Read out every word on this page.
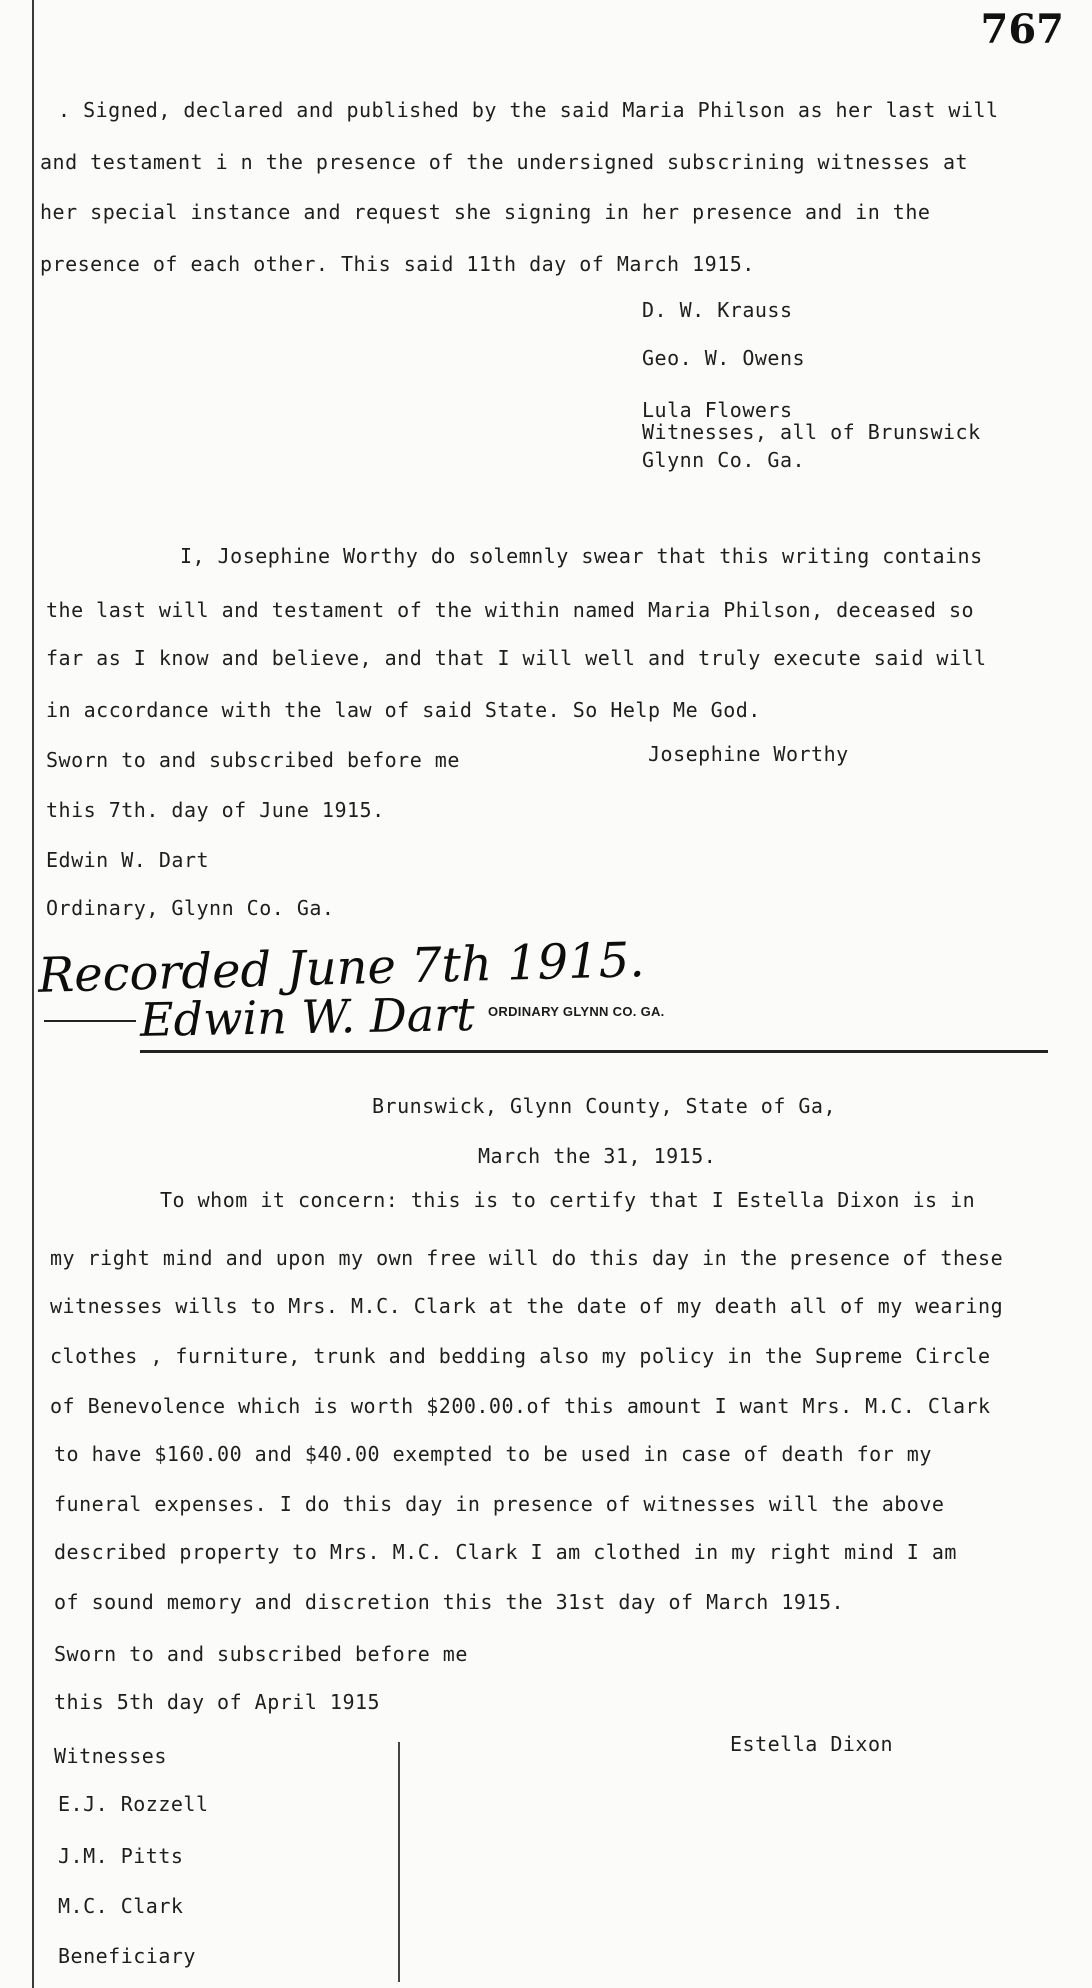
767
. Signed, declared and published by the said Maria Philson as her last will
and testament i n the presence of the undersigned subscrining witnesses at
her special instance and request she signing in her presence and in the
presence of each other. This said 11th day of March 1915.
D. W. Krauss
Geo. W. Owens
Lula Flowers
Witnesses, all of Brunswick
Glynn Co. Ga.
I, Josephine Worthy do solemnly swear that this writing contains
the last will and testament of the within named Maria Philson, deceased so
far as I know and believe, and that I will well and truly execute said will
in accordance with the law of said State. So Help Me God.
Sworn to and subscribed before me	Josephine Worthy
this 7th. day of June 1915.
Edwin W. Dart
Ordinary, Glynn Co. Ga.
Recorded June 7th 1915.
Edwin W. Dart ORDINARY GLYNN CO. GA.
Brunswick, Glynn County, State of Ga,
March the 31, 1915.
To whom it concern: this is to certify that I Estella Dixon is in
my right mind and upon my own free will do this day in the presence of these
witnesses wills to Mrs. M.C. Clark at the date of my death all of my wearing
clothes , furniture, trunk and bedding also my policy in the Supreme Circle
of Benevolence which is worth $200.00.of this amount I want Mrs. M.C. Clark
to have $160.00 and $40.00 exempted to be used in case of death for my
funeral expenses. I do this day in presence of witnesses will the above
described property to Mrs. M.C. Clark I am clothed in my right mind I am
of sound memory and discretion this the 31st day of March 1915.
Sworn to and subscribed before me
this 5th day of April 1915
Estella Dixon
Witnesses
E.J. Rozzell
J.M. Pitts
M.C. Clark
Beneficiary
